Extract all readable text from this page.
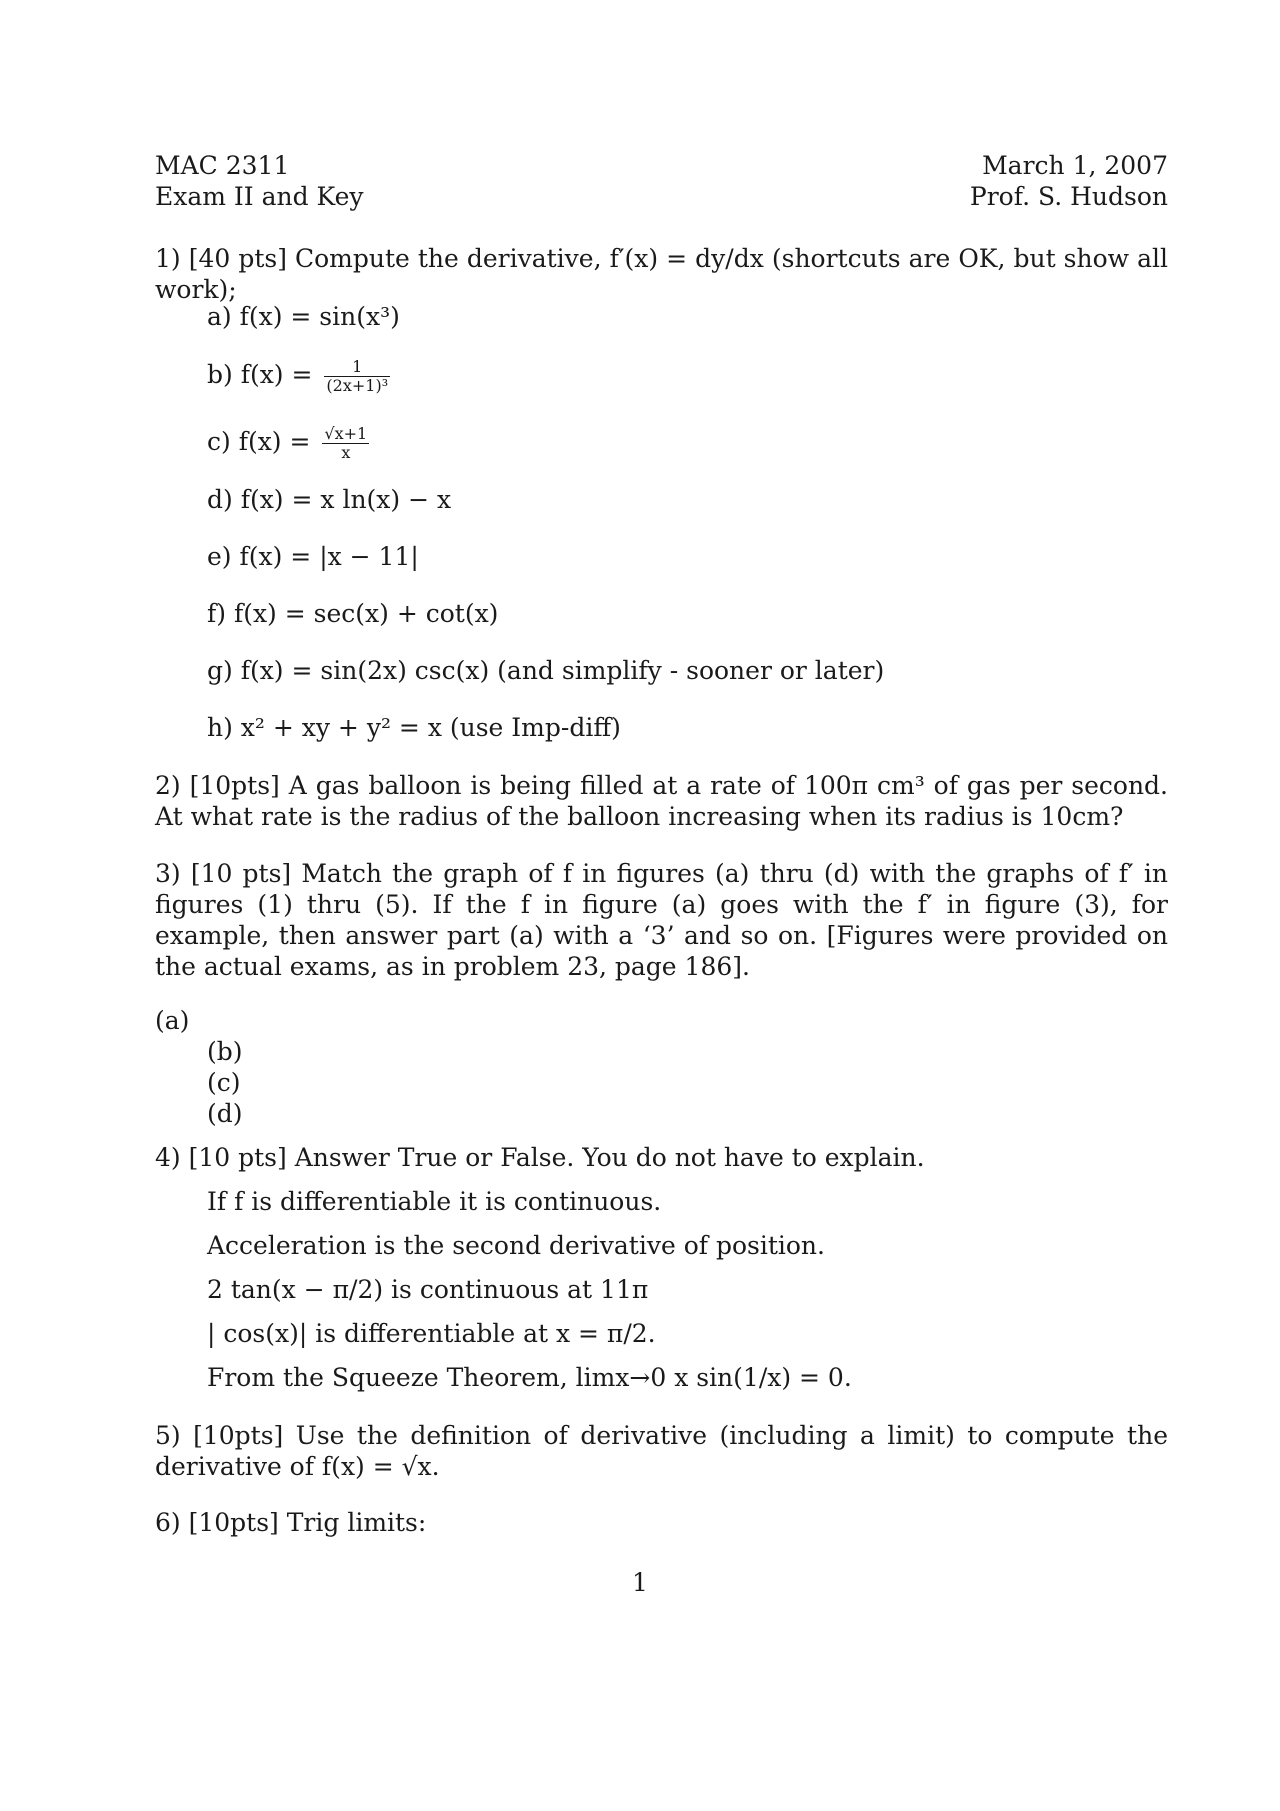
MAC 2311
Exam II and Key
March 1, 2007
Prof. S. Hudson
1) [40 pts] Compute the derivative, f′(x) = dy/dx (shortcuts are OK, but show all work);
a) f(x) = sin(x³)
b) $f(x) = \frac{1}{\text{(2x+1)³}}$
c) $f(x) = \frac{√x+1}{x}$
d) f(x) = x ln(x) − x
e) f(x) = |x − 11|
f) f(x) = sec(x) + cot(x)
g) f(x) = sin(2x) csc(x) (and simplify - sooner or later)
h) x² + xy + y² = x (use Imp-diff)
2) [10pts] A gas balloon is being filled at a rate of 100π cm³ of gas per second. At what rate is the radius of the balloon increasing when its radius is 10cm?
3) [10 pts] Match the graph of f in figures (a) thru (d) with the graphs of f′ in figures (1) thru (5). If the f in figure (a) goes with the f′ in figure (3), for example, then answer part (a) with a ‘3’ and so on. [Figures were provided on the actual exams, as in problem 23, page 186].
(a)
(b)
(c)
(d)
4) [10 pts] Answer True or False. You do not have to explain.
If f is differentiable it is continuous.
Acceleration is the second derivative of position.
2 tan(x − π/2) is continuous at 11π
| cos(x)| is differentiable at x = π/2.
From the Squeeze Theorem, limx→0 x sin(1/x) = 0.
5) [10pts] Use the definition of derivative (including a limit) to compute the derivative of f(x) = √x.
6) [10pts] Trig limits:
1
